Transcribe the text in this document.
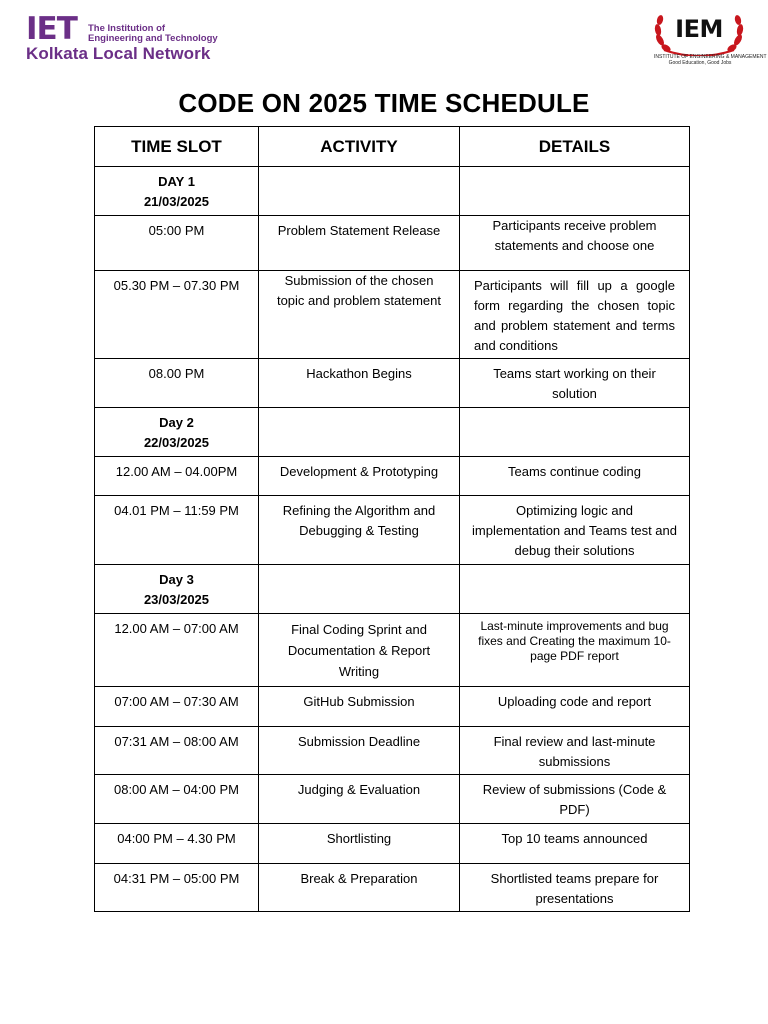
IET	The Institution of
Engineering and Technology
Kolkata Local Network
IEM
INSTITUTE OF ENGINEERING & MANAGEMENT
Good Education, Good Jobs
CODE ON 2025 TIME SCHEDULE
TIME SLOT	ACTIVITY	DETAILS
DAY 1
21/03/2025		
05:00 PM	Problem Statement Release	Participants receive problem statements and choose one
05.30 PM – 07.30 PM	Submission of the chosen topic and problem statement	Participants will fill up a google form regarding the chosen topic and problem statement and terms and conditions
08.00 PM	Hackathon Begins	Teams start working on their solution
Day 2
22/03/2025		
12.00 AM – 04.00PM	Development & Prototyping	Teams continue coding
04.01 PM – 11:59 PM	Refining the Algorithm and Debugging & Testing	Optimizing logic and implementation and Teams test and debug their solutions
Day 3
23/03/2025		
12.00 AM – 07:00 AM	Final Coding Sprint and Documentation & Report Writing	Last-minute improvements and bug fixes and Creating the maximum 10-page PDF report
07:00 AM – 07:30 AM	GitHub Submission	Uploading code and report
07:31 AM – 08:00 AM	Submission Deadline	Final review and last-minute submissions
08:00 AM – 04:00 PM	Judging & Evaluation	Review of submissions (Code & PDF)
04:00 PM – 4.30 PM	Shortlisting	Top 10 teams announced
04:31 PM – 05:00 PM	Break & Preparation	Shortlisted teams prepare for presentations
